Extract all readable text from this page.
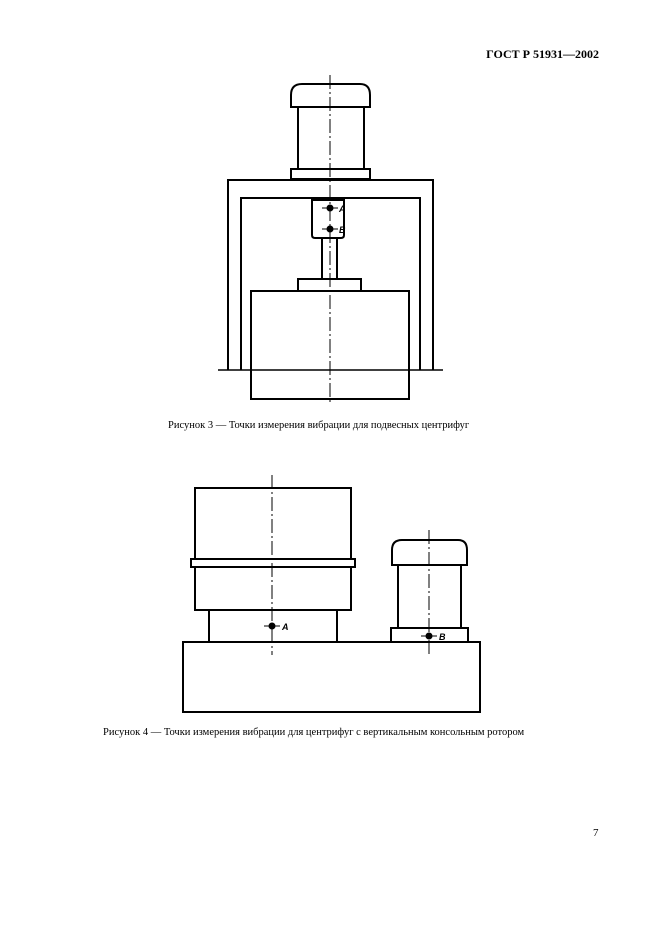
ГОСТ Р 51931—2002
A
B
Рисунок 3 — Точки измерения вибрации для подвеcных центрифуг
A
B
Рисунок 4 — Точки измерения вибрации для центрифуг с вертикальным консольным ротором
7
